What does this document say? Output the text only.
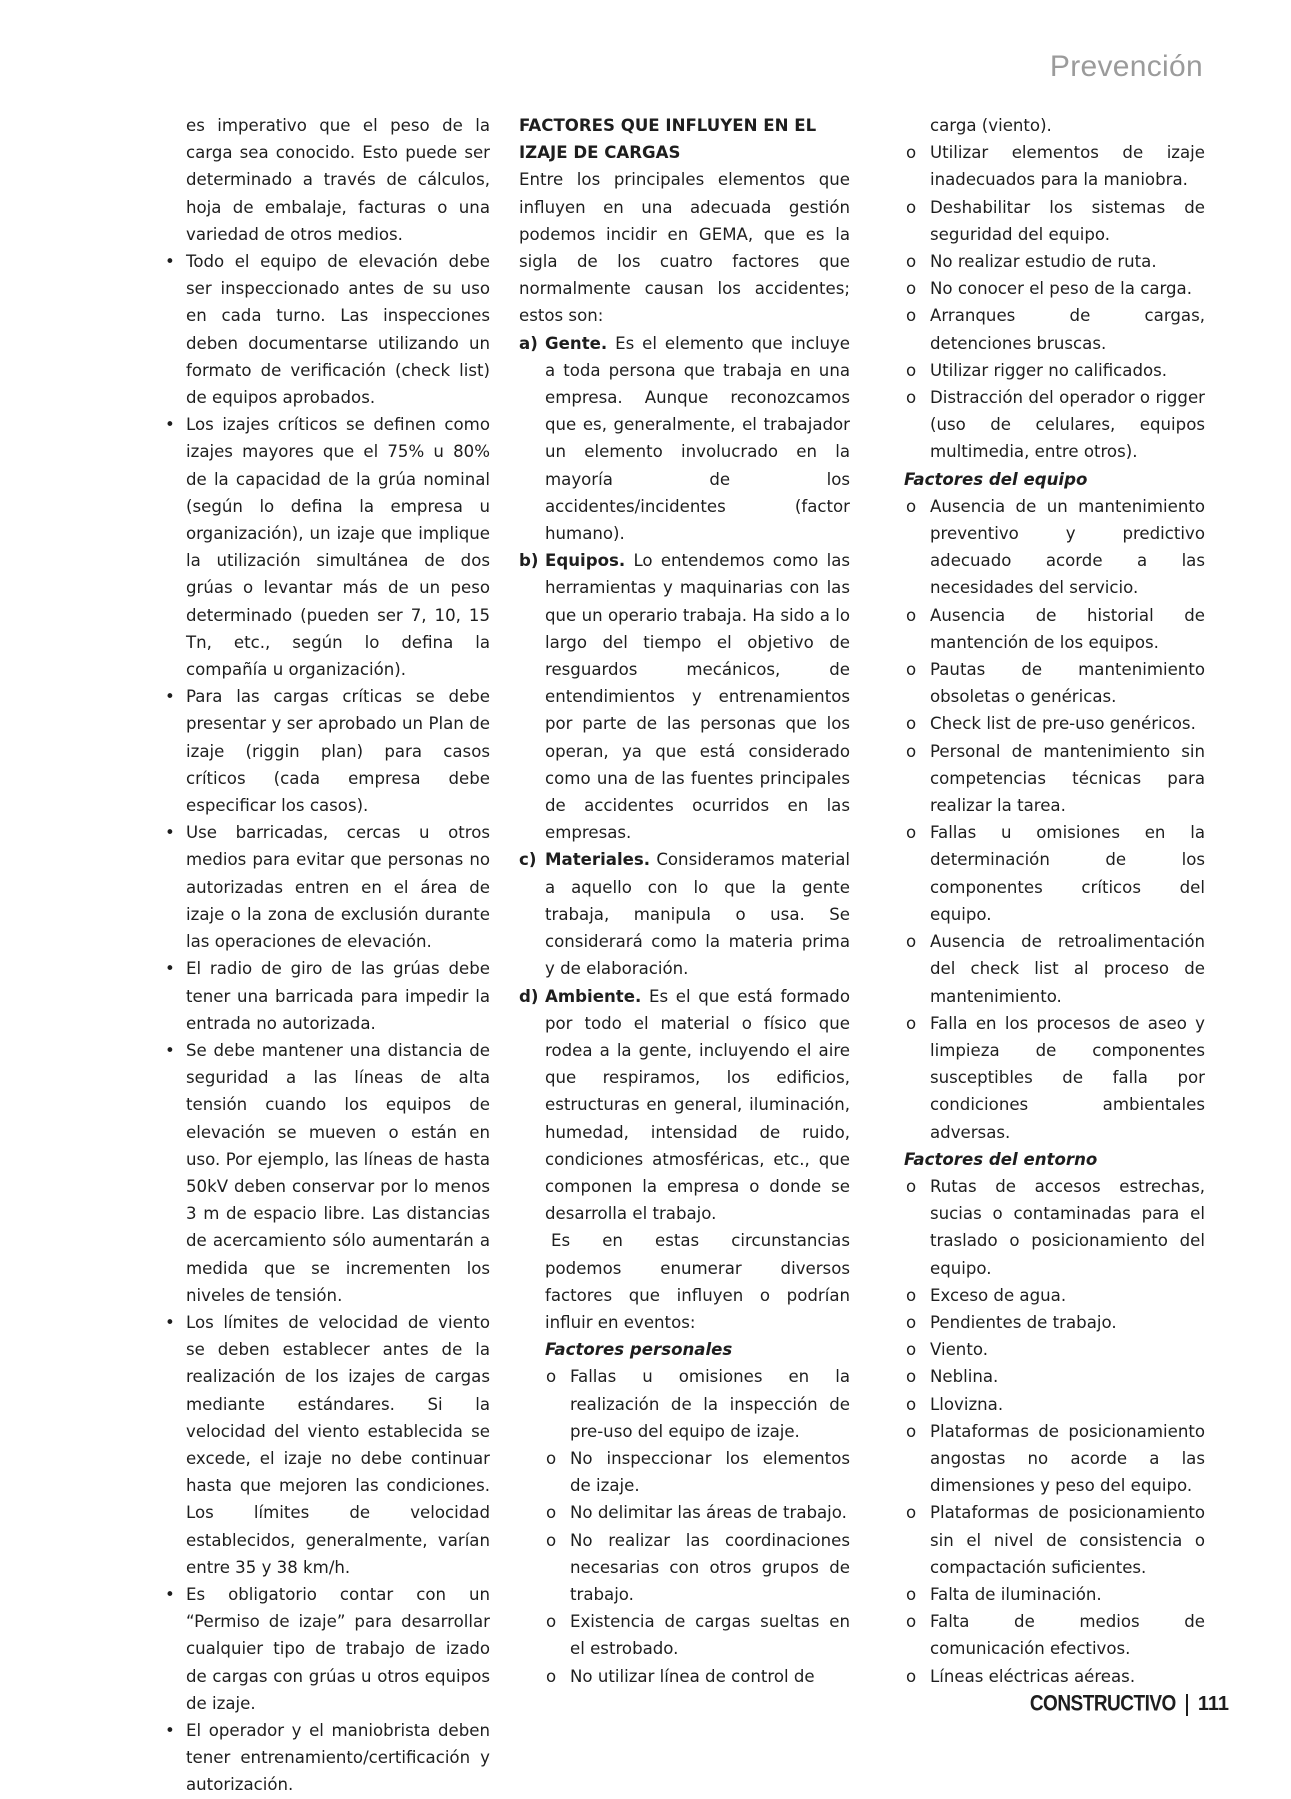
Prevención

es imperativo que el peso de la carga sea conocido. Esto puede ser determinado a través de cálculos, hoja de embalaje, facturas o una variedad de otros medios.

• Todo el equipo de elevación debe ser inspeccionado antes de su uso en cada turno. Las inspecciones deben documentarse utilizando un formato de verificación (check list) de equipos aprobados.
• Los izajes críticos se definen como izajes mayores que el 75% u 80% de la capacidad de la grúa nominal (según lo defina la empresa u organización), un izaje que implique la utilización simultánea de dos grúas o levantar más de un peso determinado (pueden ser 7, 10, 15 Tn, etc., según lo defina la compañía u organización).
• Para las cargas críticas se debe presentar y ser aprobado un Plan de izaje (riggin plan) para casos críticos (cada empresa debe especificar los casos).
• Use barricadas, cercas u otros medios para evitar que personas no autorizadas entren en el área de izaje o la zona de exclusión durante las operaciones de elevación.
• El radio de giro de las grúas debe tener una barricada para impedir la entrada no autorizada.
• Se debe mantener una distancia de seguridad a las líneas de alta tensión cuando los equipos de elevación se mueven o están en uso. Por ejemplo, las líneas de hasta 50kV deben conservar por lo menos 3 m de espacio libre. Las distancias de acercamiento sólo aumentarán a medida que se incrementen los niveles de tensión.
• Los límites de velocidad de viento se deben establecer antes de la realización de los izajes de cargas mediante estándares. Si la velocidad del viento establecida se excede, el izaje no debe continuar hasta que mejoren las condiciones. Los límites de velocidad establecidos, generalmente, varían entre 35 y 38 km/h.
• Es obligatorio contar con un “Permiso de izaje” para desarrollar cualquier tipo de trabajo de izado de cargas con grúas u otros equipos de izaje.
• El operador y el maniobrista deben tener entrenamiento/certificación y autorización.

FACTORES QUE INFLUYEN EN EL IZAJE DE CARGAS

Entre los principales elementos que influyen en una adecuada gestión podemos incidir en GEMA, que es la sigla de los cuatro factores que normalmente causan los accidentes; estos son:

a) Gente. Es el elemento que incluye a toda persona que trabaja en una empresa. Aunque reconozcamos que es, generalmente, el trabajador un elemento involucrado en la mayoría de los accidentes/incidentes (factor humano).
b) Equipos. Lo entendemos como las herramientas y maquinarias con las que un operario trabaja. Ha sido a lo largo del tiempo el objetivo de resguardos mecánicos, de entendimientos y entrenamientos por parte de las personas que los operan, ya que está considerado como una de las fuentes principales de accidentes ocurridos en las empresas.
c) Materiales. Consideramos material a aquello con lo que la gente trabaja, manipula o usa. Se considerará como la materia prima y de elaboración.
d) Ambiente. Es el que está formado por todo el material o físico que rodea a la gente, incluyendo el aire que respiramos, los edificios, estructuras en general, iluminación, humedad, intensidad de ruido, condiciones atmosféricas, etc., que componen la empresa o donde se desarrolla el trabajo.

Es en estas circunstancias podemos enumerar diversos factores que influyen o podrían influir en eventos:

Factores personales
o Fallas u omisiones en la realización de la inspección de pre-uso del equipo de izaje.
o No inspeccionar los elementos de izaje.
o No delimitar las áreas de trabajo.
o No realizar las coordinaciones necesarias con otros grupos de trabajo.
o Existencia de cargas sueltas en el estrobado.
o No utilizar línea de control de
carga (viento).
o Utilizar elementos de izaje inadecuados para la maniobra.
o Deshabilitar los sistemas de seguridad del equipo.
o No realizar estudio de ruta.
o No conocer el peso de la carga.
o Arranques de cargas, detenciones bruscas.
o Utilizar rigger no calificados.
o Distracción del operador o rigger (uso de celulares, equipos multimedia, entre otros).
Factores del equipo
o Ausencia de un mantenimiento preventivo y predictivo adecuado acorde a las necesidades del servicio.
o Ausencia de historial de mantención de los equipos.
o Pautas de mantenimiento obsoletas o genéricas.
o Check list de pre-uso genéricos.
o Personal de mantenimiento sin competencias técnicas para realizar la tarea.
o Fallas u omisiones en la determinación de los componentes críticos del equipo.
o Ausencia de retroalimentación del check list al proceso de mantenimiento.
o Falla en los procesos de aseo y limpieza de componentes susceptibles de falla por condiciones ambientales adversas.
Factores del entorno
o Rutas de accesos estrechas, sucias o contaminadas para el traslado o posicionamiento del equipo.
o Exceso de agua.
o Pendientes de trabajo.
o Viento.
o Neblina.
o Llovizna.
o Plataformas de posicionamiento angostas no acorde a las dimensiones y peso del equipo.
o Plataformas de posicionamiento sin el nivel de consistencia o compactación suficientes.
o Falta de iluminación.
o Falta de medios de comunicación efectivos.
o Líneas eléctricas aéreas.
CONSTRUCTIVO 111
